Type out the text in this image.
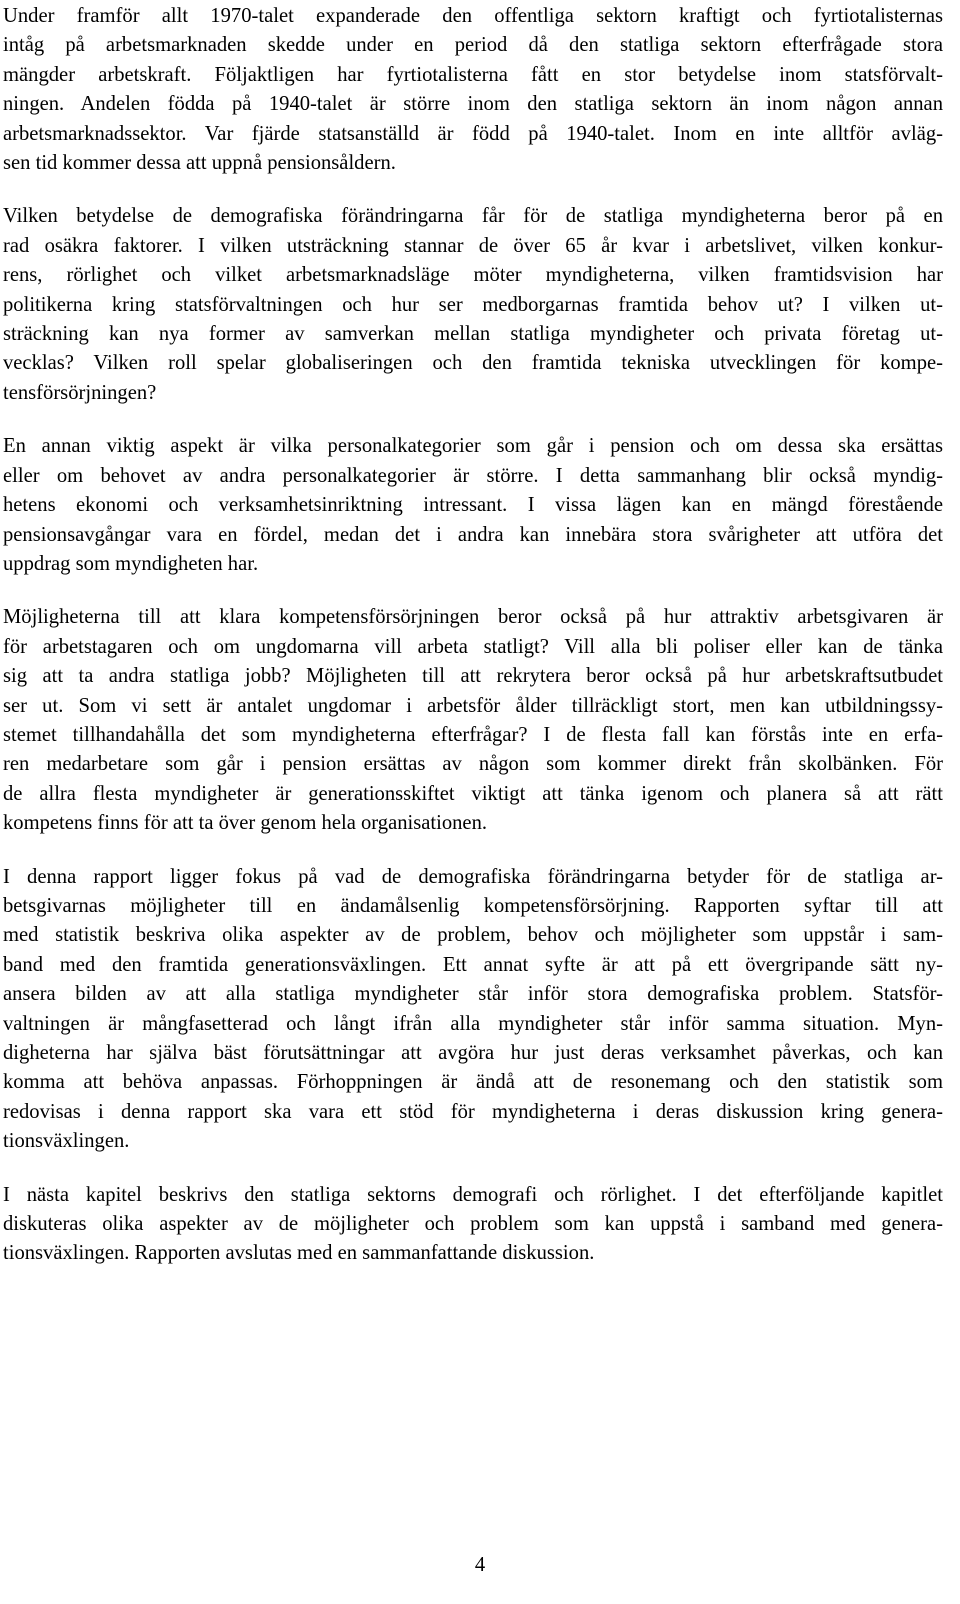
Under framför allt 1970-talet expanderade den offentliga sektorn kraftigt och fyrtiotalisternas
intåg på arbetsmarknaden skedde under en period då den statliga sektorn efterfrågade stora
mängder arbetskraft. Följaktligen har fyrtiotalisterna fått en stor betydelse inom statsförvalt-
ningen. Andelen födda på 1940-talet är större inom den statliga sektorn än inom någon annan
arbetsmarknadssektor. Var fjärde statsanställd är född på 1940-talet. Inom en inte alltför avläg-
sen tid kommer dessa att uppnå pensionsåldern.
Vilken betydelse de demografiska förändringarna får för de statliga myndigheterna beror på en
rad osäkra faktorer. I vilken utsträckning stannar de över 65 år kvar i arbetslivet, vilken konkur-
rens, rörlighet och vilket arbetsmarknadsläge möter myndigheterna, vilken framtidsvision har
politikerna kring statsförvaltningen och hur ser medborgarnas framtida behov ut? I vilken ut-
sträckning kan nya former av samverkan mellan statliga myndigheter och privata företag ut-
vecklas? Vilken roll spelar globaliseringen och den framtida tekniska utvecklingen för kompe-
tensförsörjningen?
En annan viktig aspekt är vilka personalkategorier som går i pension och om dessa ska ersättas
eller om behovet av andra personalkategorier är större. I detta sammanhang blir också myndig-
hetens ekonomi och verksamhetsinriktning intressant. I vissa lägen kan en mängd förestående
pensionsavgångar vara en fördel, medan det i andra kan innebära stora svårigheter att utföra det
uppdrag som myndigheten har.
Möjligheterna till att klara kompetensförsörjningen beror också på hur attraktiv arbetsgivaren är
för arbetstagaren och om ungdomarna vill arbeta statligt? Vill alla bli poliser eller kan de tänka
sig att ta andra statliga jobb? Möjligheten till att rekrytera beror också på hur arbetskraftsutbudet
ser ut. Som vi sett är antalet ungdomar i arbetsför ålder tillräckligt stort, men kan utbildningssy-
stemet tillhandahålla det som myndigheterna efterfrågar? I de flesta fall kan förstås inte en erfa-
ren medarbetare som går i pension ersättas av någon som kommer direkt från skolbänken. För
de allra flesta myndigheter är generationsskiftet viktigt att tänka igenom och planera så att rätt
kompetens finns för att ta över genom hela organisationen.
I denna rapport ligger fokus på vad de demografiska förändringarna betyder för de statliga ar-
betsgivarnas möjligheter till en ändamålsenlig kompetensförsörjning. Rapporten syftar till att
med statistik beskriva olika aspekter av de problem, behov och möjligheter som uppstår i sam-
band med den framtida generationsväxlingen. Ett annat syfte är att på ett övergripande sätt ny-
ansera bilden av att alla statliga myndigheter står inför stora demografiska problem. Statsför-
valtningen är mångfasetterad och långt ifrån alla myndigheter står inför samma situation. Myn-
digheterna har själva bäst förutsättningar att avgöra hur just deras verksamhet påverkas, och kan
komma att behöva anpassas. Förhoppningen är ändå att de resonemang och den statistik som
redovisas i denna rapport ska vara ett stöd för myndigheterna i deras diskussion kring genera-
tionsväxlingen.
I nästa kapitel beskrivs den statliga sektorns demografi och rörlighet. I det efterföljande kapitlet
diskuteras olika aspekter av de möjligheter och problem som kan uppstå i samband med genera-
tionsväxlingen. Rapporten avslutas med en sammanfattande diskussion.
4
